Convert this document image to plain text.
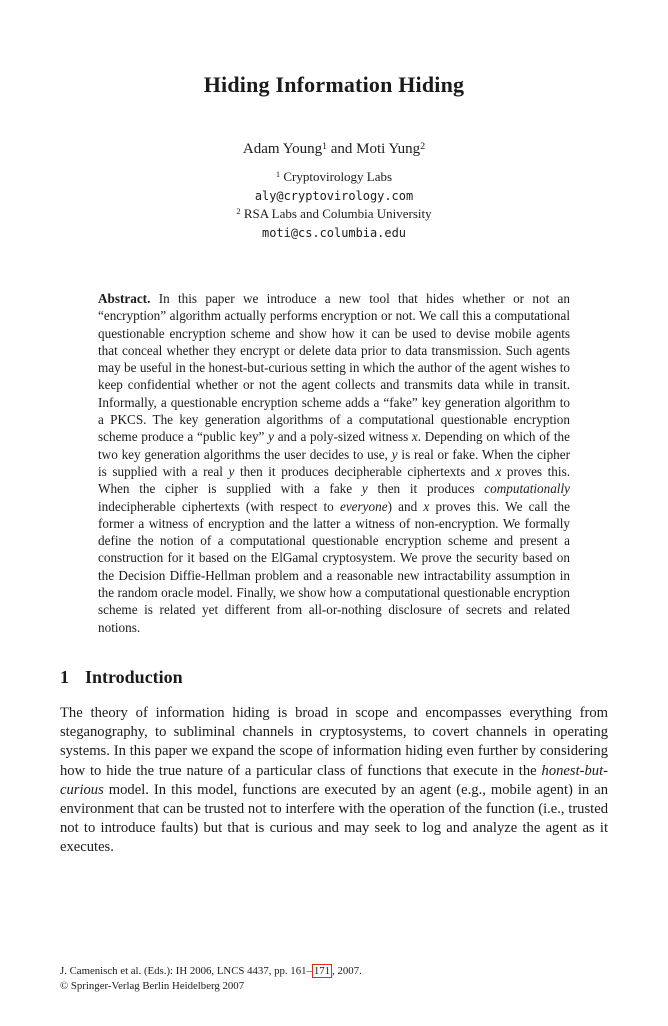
Hiding Information Hiding
Adam Young$^1$ and Moti Yung$^2$
$^1$ Cryptovirology Labs
aly@cryptovirology.com
$^2$ RSA Labs and Columbia University
moti@cs.columbia.edu
Abstract. In this paper we introduce a new tool that hides whether or not an “encryption” algorithm actually performs encryption or not. We call this a computational questionable encryption scheme and show how it can be used to devise mobile agents that conceal whether they encrypt or delete data prior to data transmission. Such agents may be useful in the honest-but-curious setting in which the author of the agent wishes to keep confidential whether or not the agent collects and transmits data while in transit. Informally, a questionable encryption scheme adds a “fake” key generation algorithm to a PKCS. The key generation algorithms of a computational questionable encryption scheme produce a “public key” y and a poly-sized witness x. Depending on which of the two key generation algorithms the user decides to use, y is real or fake. When the cipher is supplied with a real y then it produces decipherable ciphertexts and x proves this. When the cipher is supplied with a fake y then it produces computationally indecipherable ciphertexts (with respect to everyone) and x proves this. We call the former a witness of encryption and the latter a witness of non-encryption. We formally define the notion of a computational questionable encryption scheme and present a construction for it based on the ElGamal cryptosystem. We prove the security based on the Decision Diffie-Hellman problem and a reasonable new intractability assumption in the random oracle model. Finally, we show how a computational questionable encryption scheme is related yet different from all-or-nothing disclosure of secrets and related notions.
1 Introduction

The theory of information hiding is broad in scope and encompasses everything from steganography, to subliminal channels in cryptosystems, to covert channels in operating systems. In this paper we expand the scope of information hiding even further by considering how to hide the true nature of a particular class of functions that execute in the honest-but-curious model. In this model, functions are executed by an agent (e.g., mobile agent) in an environment that can be trusted not to interfere with the operation of the function (i.e., trusted not to introduce faults) but that is curious and may seek to log and analyze the agent as it executes.

J. Camenisch et al. (Eds.): IH 2006, LNCS 4437, pp. 161– 171 , 2007.
© Springer-Verlag Berlin Heidelberg 2007
